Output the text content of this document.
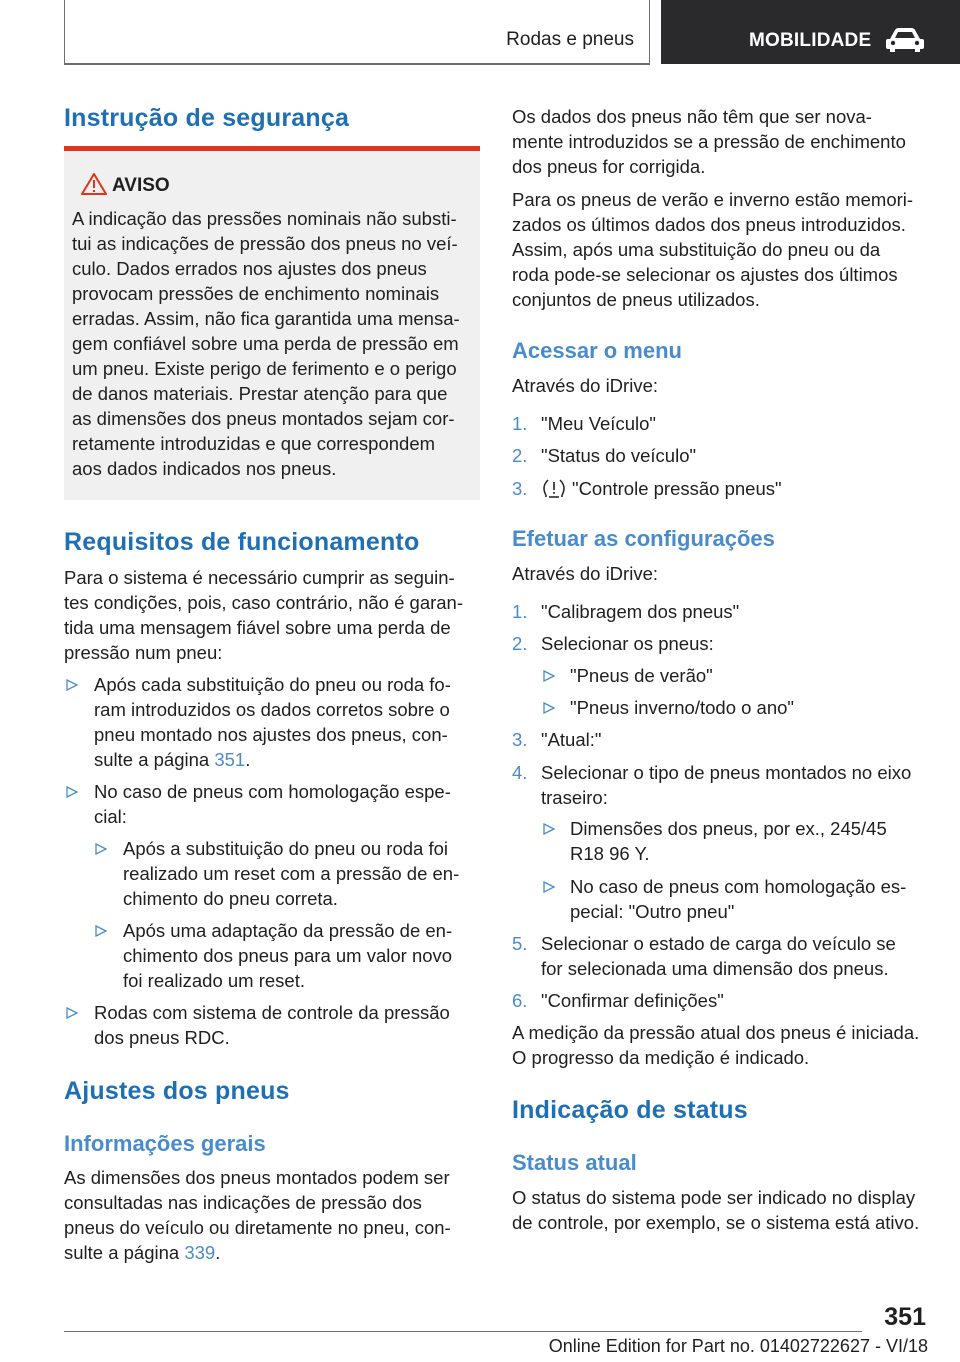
Rodas e pneus	MOBILIDADE
Instrução de segurança
AVISO
A indicação das pressões nominais não substi-
tui as indicações de pressão dos pneus no veí-
culo. Dados errados nos ajustes dos pneus
provocam pressões de enchimento nominais
erradas. Assim, não fica garantida uma mensa-
gem confiável sobre uma perda de pressão em
um pneu. Existe perigo de ferimento e o perigo
de danos materiais. Prestar atenção para que
as dimensões dos pneus montados sejam cor-
retamente introduzidas e que correspondem
aos dados indicados nos pneus.
Requisitos de funcionamento
Para o sistema é necessário cumprir as seguin-
tes condições, pois, caso contrário, não é garan-
tida uma mensagem fiável sobre uma perda de
pressão num pneu:
Após cada substituição do pneu ou roda fo-
ram introduzidos os dados corretos sobre o
pneu montado nos ajustes dos pneus, con-
sulte a página 351.
No caso de pneus com homologação espe-
cial:
Após a substituição do pneu ou roda foi
realizado um reset com a pressão de en-
chimento do pneu correta.
Após uma adaptação da pressão de en-
chimento dos pneus para um valor novo
foi realizado um reset.
Rodas com sistema de controle da pressão
dos pneus RDC.
Ajustes dos pneus
Informações gerais
As dimensões dos pneus montados podem ser
consultadas nas indicações de pressão dos
pneus do veículo ou diretamente no pneu, con-
sulte a página 339.
Os dados dos pneus não têm que ser nova-
mente introduzidos se a pressão de enchimento
dos pneus for corrigida.
Para os pneus de verão e inverno estão memori-
zados os últimos dados dos pneus introduzidos.
Assim, após uma substituição do pneu ou da
roda pode-se selecionar os ajustes dos últimos
conjuntos de pneus utilizados.
Acessar o menu
Através do iDrive:
1. "Meu Veículo"
2. "Status do veículo"
3. "Controle pressão pneus"
Efetuar as configurações
Através do iDrive:
1. "Calibragem dos pneus"
2. Selecionar os pneus:
"Pneus de verão"
"Pneus inverno/todo o ano"
3. "Atual:"
4. Selecionar o tipo de pneus montados no eixo
traseiro:
Dimensões dos pneus, por ex., 245/45
R18 96 Y.
No caso de pneus com homologação es-
pecial: "Outro pneu"
5. Selecionar o estado de carga do veículo se
for selecionada uma dimensão dos pneus.
6. "Confirmar definições"
A medição da pressão atual dos pneus é iniciada.
O progresso da medição é indicado.
Indicação de status
Status atual
O status do sistema pode ser indicado no display
de controle, por exemplo, se o sistema está ativo.
351
Online Edition for Part no. 01402722627 - VI/18
